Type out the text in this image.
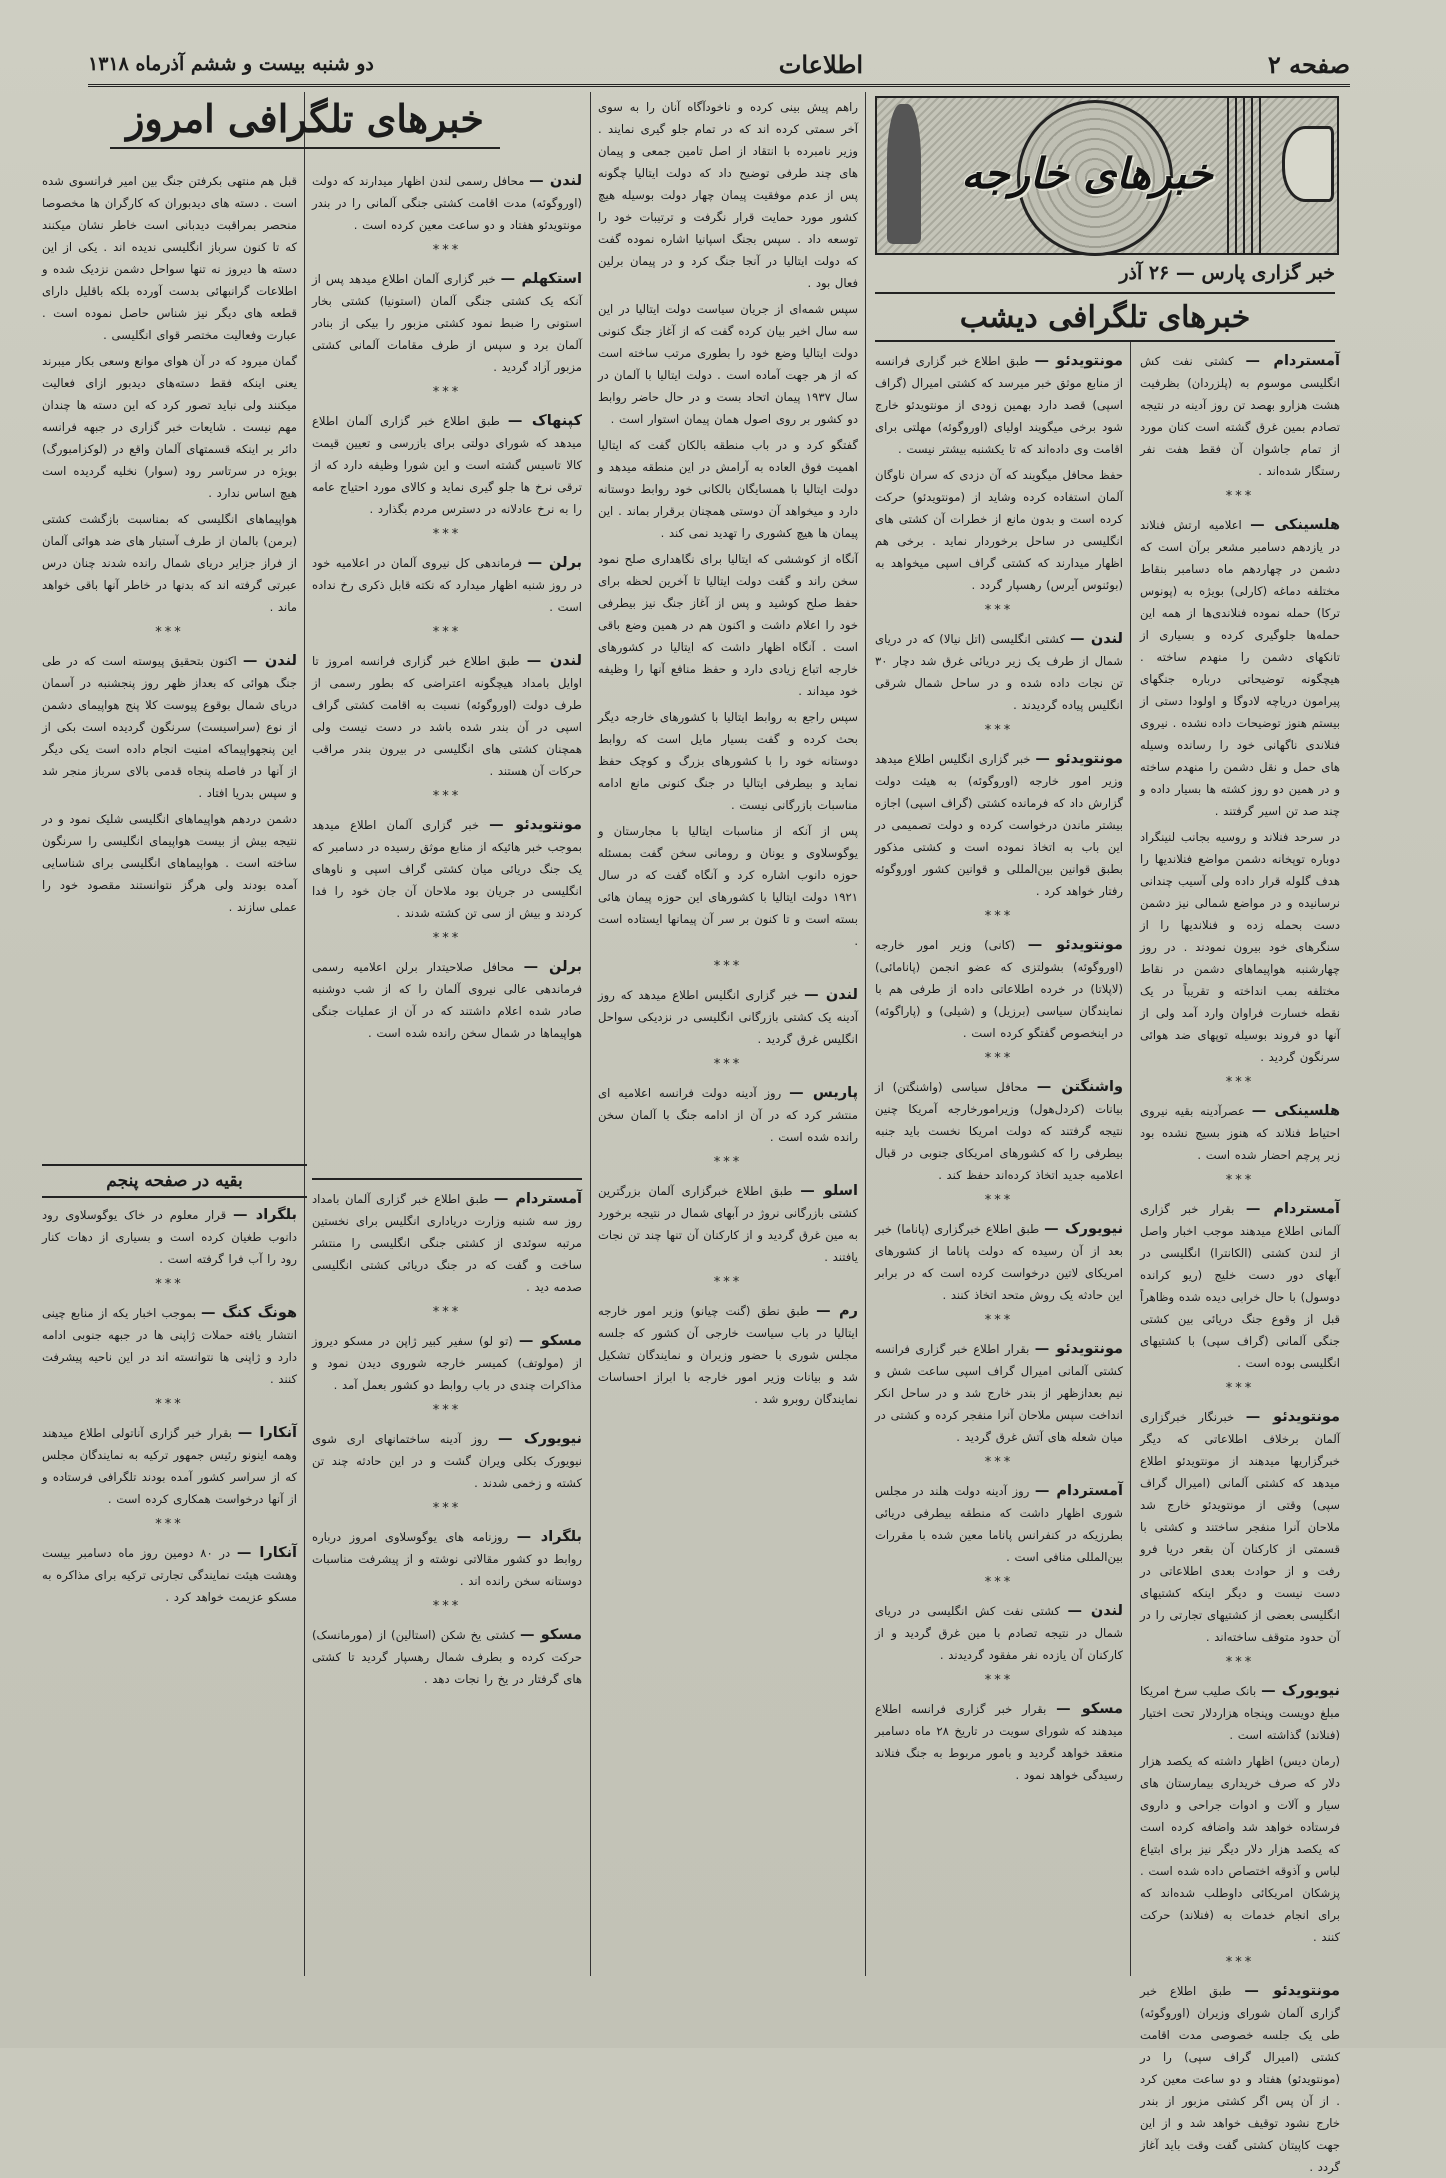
صفحه ۲
اطلاعات
دو شنبه بیست و ششم آذرماه ۱۳۱۸
خبرهای خارجه
خبر گزاری پارس — ۲۶ آذر
خبرهای تلگرافی دیشب
خبرهای تلگرافی امروز
آمستردام — کشتی نفت کش انگلیسی موسوم به (پلزردان) بظرفیت هشت هزارو بهصد تن روز آدینه در نتیجه تصادم بمین غرق گشته است کنان مورد از تمام جاشوان آن فقط هفت نفر رستگار شده‌اند .
***
هلسینکی — اعلامیه ارتش فنلاند در یازدهم دسامبر مشعر برآن است که دشمن در چهاردهم ماه دسامبر بنقاط مختلفه دماغه (کارلی) بویژه به (پونوس ترکا) حمله نموده فنلاندی‌ها از همه این حمله‌ها جلوگیری کرده و بسیاری از تانکهای دشمن را منهدم ساخته . هیچگونه توضیحاتی درباره جنگهای پیرامون دریاچه لادوگا و اولودا دستی از بیستم هنوز توضیحات داده نشده . نیروی فنلاندی ناگهانی خود را رسانده وسیله های حمل و نقل دشمن را منهدم ساخته و در همین دو روز کشته ها بسیار داده و چند صد تن اسیر گرفتند .
در سرحد فنلاند و روسیه بجانب لنینگراد دوباره توپخانه دشمن مواضع فنلاندیها را هدف گلوله قرار داده ولی آسیب چندانی نرسانیده و در مواضع شمالی نیز دشمن دست بحمله زده و فنلاندیها را از سنگرهای خود بیرون نمودند . در روز چهارشنبه هواپیماهای دشمن در نقاط مختلفه بمب انداخته و تقریباً در یک نقطه خسارت فراوان وارد آمد ولی از آنها دو فروند بوسیله توپهای ضد هوائی سرنگون گردید .
***
هلسینکی — عصرآدینه بقیه نیروی احتیاط فنلاند که هنوز بسیج نشده بود زیر پرچم احضار شده است .
***
آمستردام — بقرار خبر گزاری آلمانی اطلاع میدهند موجب اخبار واصل از لندن کشتی (الکانترا) انگلیسی در آبهای دور دست خلیج (ریو کرانده دوسول) با حال خرابی دیده شده وظاهراً قبل از وقوع جنگ دریائی بین کشتی جنگی آلمانی (گراف سپی) با کشتیهای انگلیسی بوده است .
***
مونتویدئو — خبرنگار خبرگزاری آلمان برخلاف اطلاعاتی که دیگر خبرگزاریها میدهند از مونتویدئو اطلاع میدهد که کشتی آلمانی (امیرال گراف سپی) وقتی از مونتویدئو خارج شد ملاحان آنرا منفجر ساختند و کشتی با قسمتی از کارکنان آن بقعر دریا فرو رفت و از حوادث بعدی اطلاعاتی در دست نیست و دیگر اینکه کشتیهای انگلیسی بعضی از کشتیهای تجارتی را در آن حدود متوقف ساخته‌اند .
***
نیویورک — بانک صلیب سرخ امریکا مبلغ دویست وپنجاه هزاردلار تحت اختیار (فنلاند) گذاشته است .
(رمان دیس) اظهار داشته که یکصد هزار دلار که صرف خریداری بیمارستان های سیار و آلات و ادوات جراحی و داروی فرستاده خواهد شد واضافه کرده است که یکصد هزار دلار دیگر نیز برای ابتیاع لباس و آذوقه اختصاص داده شده است . پزشکان امریکائی داوطلب شده‌اند که برای انجام خدمات به (فنلاند) حرکت کنند .
***
مونتویدئو — طبق اطلاع خبر گزاری آلمان شورای وزیران (اوروگوئه) طی یک جلسه خصوصی مدت اقامت کشتی (امیرال گراف سپی) را در (مونتویدئو) هفتاد و دو ساعت معین کرد . از آن پس اگر کشتی مزبور از بندر خارج نشود توقیف خواهد شد و از این جهت کاپیتان کشتی گفت وقت باید آغاز گردد .
مونتویدئو — طبق اطلاع خبر گزاری فرانسه از منابع موثق خبر میرسد که کشتی امیرال (گراف اسپی) قصد دارد بهمین زودی از مونتویدئو خارج شود برخی میگویند اولیای (اوروگوئه) مهلتی برای اقامت وی داده‌اند که تا یکشنبه بیشتر نیست .
حفظ محافل میگویند که آن دزدی که سران ناوگان آلمان استفاده کرده وشاید از (مونتویدئو) حرکت کرده است و بدون مانع از خطرات آن کشتی های انگلیسی در ساحل برخوردار نماید . برخی هم اظهار میدارند که کشتی گراف اسپی میخواهد به (بوئنوس آیرس) رهسپار گردد .
***
لندن — کشتی انگلیسی (اتل نیالا) که در دریای شمال از طرف یک زیر دریائی غرق شد دچار ۳۰ تن نجات داده شده و در ساحل شمال شرقی انگلیس پیاده گردیدند .
***
مونتویدئو — خبر گزاری انگلیس اطلاع میدهد وزیر امور خارجه (اوروگوئه) به هیئت دولت گزارش داد که فرمانده کشتی (گراف اسپی) اجازه بیشتر ماندن درخواست کرده و دولت تصمیمی در این باب به اتخاذ نموده است و کشتی مذکور بطبق قوانین بین‌المللی و قوانین کشور اوروگوئه رفتار خواهد کرد .
***
مونتویدئو — (کانی) وزیر امور خارجه (اوروگوئه) بشولتزی که عضو انجمن (پانامائی) (لاپلاتا) در خرده اطلاعاتی داده از طرفی هم با نمایندگان سیاسی (برزیل) و (شیلی) و (پاراگوئه) در اینخصوص گفتگو کرده است .
***
واشنگتن — محافل سیاسی (واشنگتن) از بیانات (کردل‌هول) وزیرامورخارجه آمریکا چنین نتیجه گرفتند که دولت امریکا نخست باید جنبه بیطرفی را که کشورهای امریکای جنوبی در قبال اعلامیه جدید اتخاذ کرده‌اند حفظ کند .
***
نیویورک — طبق اطلاع خبرگزاری (پاناما) خبر بعد از آن رسیده که دولت پاناما از کشورهای امریکای لاتین درخواست کرده است که در برابر این حادثه یک روش متحد اتخاذ کنند .
***
مونتویدئو — بقرار اطلاع خبر گزاری فرانسه کشتی آلمانی امیرال گراف اسپی ساعت شش و نیم بعدازظهر از بندر خارج شد و در ساحل انکر انداخت سپس ملاحان آنرا منفجر کرده و کشتی در میان شعله های آتش غرق گردید .
***
آمستردام — روز آدینه دولت هلند در مجلس شوری اظهار داشت که منطقه بیطرفی دریائی بطرزیکه در کنفرانس پاناما معین شده با مقررات بین‌المللی منافی است .
***
لندن — کشتی نفت کش انگلیسی در دریای شمال در نتیجه تصادم با مین غرق گردید و از کارکنان آن یازده نفر مفقود گردیدند .
***
مسکو — بقرار خبر گزاری فرانسه اطلاع میدهند که شورای سویت در تاریخ ۲۸ ماه دسامبر منعقد خواهد گردید و بامور مربوط به جنگ فنلاند رسیدگی خواهد نمود .
راهم پیش بینی کرده و ناخودآگاه آنان را به سوی آخر سمتی کرده اند که در تمام جلو گیری نمایند . وزیر نامبرده با انتقاد از اصل تامین جمعی و پیمان های چند طرفی توضیح داد که دولت ایتالیا چگونه پس از عدم موفقیت پیمان چهار دولت بوسیله هیچ کشور مورد حمایت قرار نگرفت و ترتیبات خود را توسعه داد . سپس بجنگ اسپانیا اشاره نموده گفت که دولت ایتالیا در آنجا جنگ کرد و در پیمان برلین فعال بود .
سپس شمه‌ای از جریان سیاست دولت ایتالیا در این سه سال اخیر بیان کرده گفت که از آغاز جنگ کنونی دولت ایتالیا وضع خود را بطوری مرتب ساخته است که از هر جهت آماده است . دولت ایتالیا با آلمان در سال ۱۹۳۷ پیمان اتحاد بست و در حال حاضر روابط دو کشور بر روی اصول همان پیمان استوار است .
گفتگو کرد و در باب منطقه بالکان گفت که ایتالیا اهمیت فوق العاده به آرامش در این منطقه میدهد و دولت ایتالیا با همسایگان بالکانی خود روابط دوستانه دارد و میخواهد آن دوستی همچنان برقرار بماند . این پیمان ها هیچ کشوری را تهدید نمی کند .
آنگاه از کوششی که ایتالیا برای نگاهداری صلح نمود سخن راند و گفت دولت ایتالیا تا آخرین لحظه برای حفظ صلح کوشید و پس از آغاز جنگ نیز بیطرفی خود را اعلام داشت و اکنون هم در همین وضع باقی است . آنگاه اظهار داشت که ایتالیا در کشورهای خارجه اتباع زیادی دارد و حفظ منافع آنها را وظیفه خود میداند .
سپس راجع به روابط ایتالیا با کشورهای خارجه دیگر بحث کرده و گفت بسیار مایل است که روابط دوستانه خود را با کشورهای بزرگ و کوچک حفظ نماید و بیطرفی ایتالیا در جنگ کنونی مانع ادامه مناسبات بازرگانی نیست .
پس از آنکه از مناسبات ایتالیا با مجارستان و یوگوسلاوی و یونان و رومانی سخن گفت بمسئله حوزه دانوب اشاره کرد و آنگاه گفت که در سال ۱۹۲۱ دولت ایتالیا با کشورهای این حوزه پیمان هائی بسته است و تا کنون بر سر آن پیمانها ایستاده است .
***
لندن — خبر گزاری انگلیس اطلاع میدهد که روز آدینه یک کشتی بازرگانی انگلیسی در نزدیکی سواحل انگلیس غرق گردید .
***
پاریس — روز آدینه دولت فرانسه اعلامیه ای منتشر کرد که در آن از ادامه جنگ با آلمان سخن رانده شده است .
***
اسلو — طبق اطلاع خبرگزاری آلمان بزرگترین کشتی بازرگانی نروژ در آبهای شمال در نتیجه برخورد به مین غرق گردید و از کارکنان آن تنها چند تن نجات یافتند .
***
رم — طبق نطق (گنت چیانو) وزیر امور خارجه ایتالیا در باب سیاست خارجی آن کشور که جلسه مجلس شوری با حضور وزیران و نمایندگان تشکیل شد و بیانات وزیر امور خارجه با ابراز احساسات نمایندگان روبرو شد .
لندن — محافل رسمی لندن اظهار میدارند که دولت (اوروگوئه) مدت اقامت کشتی جنگی آلمانی را در بندر مونتویدئو هفتاد و دو ساعت معین کرده است .
***
استکهلم — خبر گزاری آلمان اطلاع میدهد پس از آنکه یک کشتی جنگی آلمان (استونیا) کشتی بخار استونی را ضبط نمود کشتی مزبور را بیکی از بنادر آلمان برد و سپس از طرف مقامات آلمانی کشتی مزبور آزاد گردید .
***
کپنهاک — طبق اطلاع خبر گزاری آلمان اطلاع میدهد که شورای دولتی برای بازرسی و تعیین قیمت کالا تاسیس گشته است و این شورا وظیفه دارد که از ترقی نرخ ها جلو گیری نماید و کالای مورد احتیاج عامه را به نرخ عادلانه در دسترس مردم بگذارد .
***
برلن — فرماندهی کل نیروی آلمان در اعلامیه خود در روز شنبه اظهار میدارد که نکته قابل ذکری رخ نداده است .
***
لندن — طبق اطلاع خبر گزاری فرانسه امروز تا اوایل بامداد هیچگونه اعتراضی که بطور رسمی از طرف دولت (اوروگوئه) نسبت به اقامت کشتی گراف اسپی در آن بندر شده باشد در دست نیست ولی همچنان کشتی های انگلیسی در بیرون بندر مراقب حرکات آن هستند .
***
مونتویدئو — خبر گزاری آلمان اطلاع میدهد بموجب خبر هائیکه از منابع موثق رسیده در دسامبر که یک جنگ دریائی میان کشتی گراف اسپی و ناوهای انگلیسی در جریان بود ملاحان آن جان خود را فدا کردند و بیش از سی تن کشته شدند .
***
برلن — محافل صلاحیتدار برلن اعلامیه رسمی فرماندهی عالی نیروی آلمان را که از شب دوشنبه صادر شده اعلام داشتند که در آن از عملیات جنگی هواپیماها در شمال سخن رانده شده است .
قبل هم منتهی بکرفتن جنگ بین امیر فرانسوی شده است . دسته های دیدبوران که کارگران ها مخصوصا منحصر بمراقبت دیدبانی است خاطر نشان میکنند که تا کنون سرباز انگلیسی ندیده اند . یکی از این دسته ها دیروز نه تنها سواحل دشمن نزدیک شده و اطلاعات گرانبهائی بدست آورده بلکه باقلیل دارای قطعه های دیگر نیز شناس حاصل نموده است . عبارت وفعالیت مختصر قوای انگلیسی .
گمان میرود که در آن هوای موانع وسعی بکار میبرند یعنی اینکه فقط دسته‌های دیدبور ازای فعالیت میکنند ولی نباید تصور کرد که این دسته ها چندان مهم نیست . شایعات خبر گزاری در جبهه فرانسه دائر بر اینکه قسمتهای آلمان واقع در (لوکزامبورگ) بویژه در سرتاسر رود (سوار) نخلیه گردیده است هیچ اساس ندارد .
هواپیماهای انگلیسی که بمناسبت بازگشت کشتی (برمن) بالمان از طرف آستبار های ضد هوائی آلمان از فراز جزایر دریای شمال رانده شدند چنان درس عبرتی گرفته اند که بدنها در خاطر آنها باقی خواهد ماند .
***
لندن — اکنون بتحقیق پیوسته است که در طی جنگ هوائی که بعداز ظهر روز پنجشنبه در آسمان دریای شمال بوقوع پیوست کلا پنج هواپیمای دشمن از نوع (سراسیست) سرنگون گردیده است بکی از این پنجهواپیماکه امنیت انجام داده است یکی دیگر از آنها در فاصله پنجاه قدمی بالای سرباز منجر شد و سپس بدریا افتاد .
دشمن دردهم هواپیماهای انگلیسی شلیک نمود و در نتیجه بیش از بیست هواپیمای انگلیسی را سرنگون ساخته است . هواپیماهای انگلیسی برای شناسایی آمده بودند ولی هرگز نتوانستند مقصود خود را عملی سازند .
بقیه در صفحه پنجم
بلگراد — قرار معلوم در خاک یوگوسلاوی رود دانوب طغیان کرده است و بسیاری از دهات کنار رود را آب فرا گرفته است .
***
هونگ کنگ — بموجب اخبار یکه از منابع چینی انتشار یافته حملات ژاپنی ها در جبهه جنوبی ادامه دارد و ژاپنی ها نتوانسته اند در این ناحیه پیشرفت کنند .
***
آنکارا — بقرار خبر گزاری آناتولی اطلاع میدهند وهمه اینونو رئیس جمهور ترکیه به نمایندگان مجلس که از سراسر کشور آمده بودند تلگرافی فرستاده و از آنها درخواست همکاری کرده است .
***
آنکارا — در ۸۰ دومین روز ماه دسامبر بیست وهشت هیئت نمایندگی تجارتی ترکیه برای مذاکره به مسکو عزیمت خواهد کرد .
آمستردام — طبق اطلاع خبر گزاری آلمان بامداد روز سه شنبه وزارت دریاداری انگلیس برای نخستین مرتبه سوئدی از کشتی جنگی انگلیسی را منتشر ساخت و گفت که در جنگ دریائی کشتی انگلیسی صدمه دید .
***
مسکو — (تو لو) سفیر کبیر ژاپن در مسکو دیروز از (مولوتف) کمیسر خارجه شوروی دیدن نمود و مذاکرات چندی در باب روابط دو کشور بعمل آمد .
***
نیویورک — روز آدینه ساختمانهای اری شوی نیویورک بکلی ویران گشت و در این حادثه چند تن کشته و زخمی شدند .
***
بلگراد — روزنامه های یوگوسلاوی امروز درباره روابط دو کشور مقالاتی نوشته و از پیشرفت مناسبات دوستانه سخن رانده اند .
***
مسکو — کشتی یخ شکن (استالین) از (مورمانسک) حرکت کرده و بطرف شمال رهسپار گردید تا کشتی های گرفتار در یخ را نجات دهد .
